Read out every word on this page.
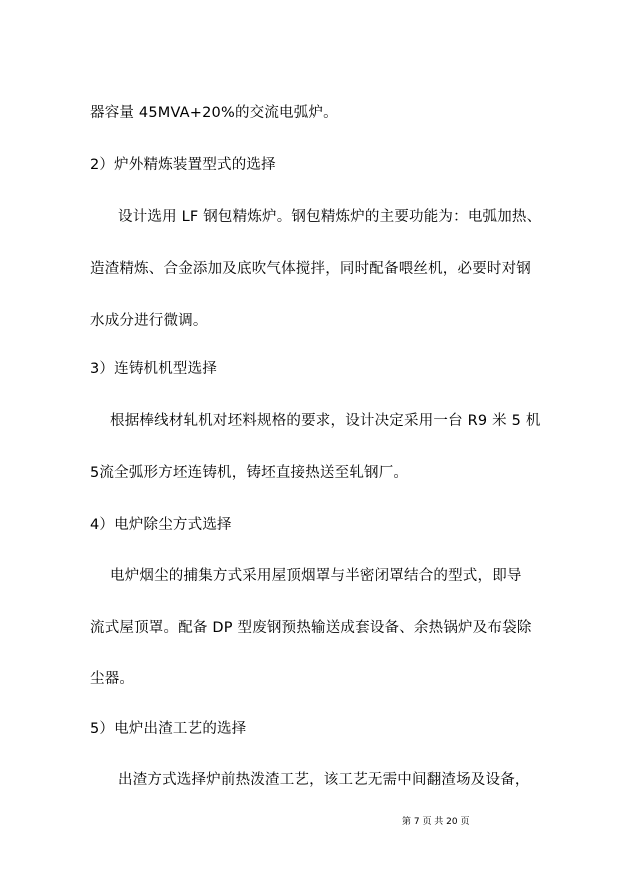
器容量 45MVA+20%的交流电弧炉。
2）炉外精炼装置型式的选择
设计选用 LF 钢包精炼炉。钢包精炼炉的主要功能为：电弧加热、
造渣精炼、合金添加及底吹气体搅拌，同时配备喂丝机，必要时对钢
水成分进行微调。
3）连铸机机型选择
根据棒线材轧机对坯料规格的要求，设计决定采用一台 R9 米 5 机
5流全弧形方坯连铸机，铸坯直接热送至轧钢厂。
4）电炉除尘方式选择
电炉烟尘的捕集方式采用屋顶烟罩与半密闭罩结合的型式，即导
流式屋顶罩。配备 DP 型废钢预热输送成套设备、余热锅炉及布袋除
尘器。
5）电炉出渣工艺的选择
出渣方式选择炉前热泼渣工艺，该工艺无需中间翻渣场及设备，
第 7 页 共 20 页
